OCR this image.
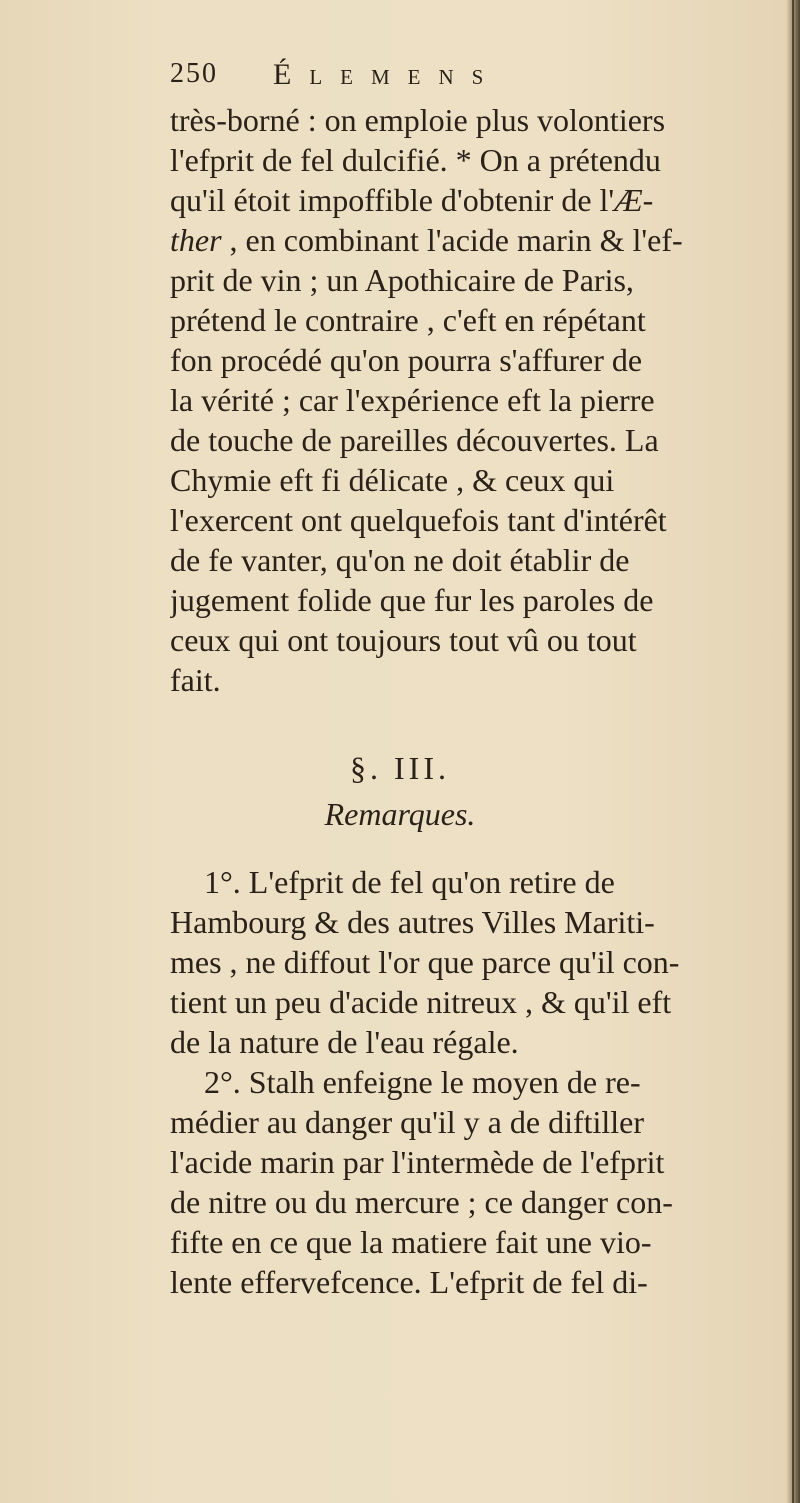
250 Élemens
très-borné : on emploie plus volontiers
l'efprit de fel dulcifié. * On a prétendu
qu'il étoit impoffible d'obtenir de l'Æ-
ther , en combinant l'acide marin & l'ef-
prit de vin ; un Apothicaire de Paris,
prétend le contraire , c'eft en répétant
fon procédé qu'on pourra s'affurer de
la vérité ; car l'expérience eft la pierre
de touche de pareilles découvertes. La
Chymie eft fi délicate , & ceux qui
l'exercent ont quelquefois tant d'intérêt
de fe vanter, qu'on ne doit établir de
jugement folide que fur les paroles de
ceux qui ont toujours tout vû ou tout
fait.
§. III.
Remarques.
1°. L'efprit de fel qu'on retire de
Hambourg & des autres Villes Mariti-
mes , ne diffout l'or que parce qu'il con-
tient un peu d'acide nitreux , & qu'il eft
de la nature de l'eau régale.
2°. Stalh enfeigne le moyen de re-
médier au danger qu'il y a de diftiller
l'acide marin par l'intermède de l'efprit
de nitre ou du mercure ; ce danger con-
fifte en ce que la matiere fait une vio-
lente effervefcence. L'efprit de fel di-
